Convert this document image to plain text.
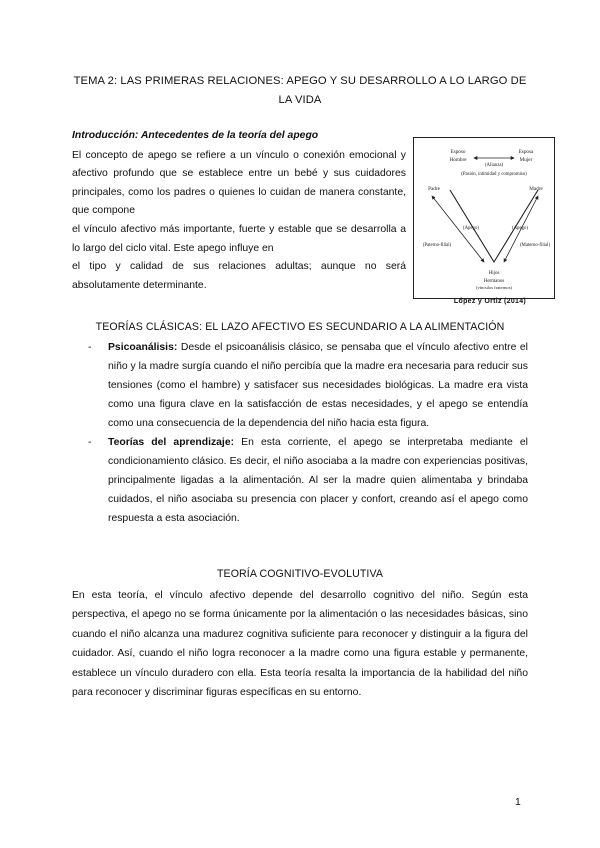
TEMA 2: LAS PRIMERAS RELACIONES: APEGO Y SU DESARROLLO A LO LARGO DE
LA VIDA
Introducción: Antecedentes de la teoría del apego

El concepto de apego se refiere a un vínculo o conexión emocional y afectivo profundo que se establece entre un bebé y sus cuidadores principales, como los padres o quienes lo cuidan de manera constante, que compone

el vínculo afectivo más importante, fuerte y estable que se desarrolla a lo largo del ciclo vital. Este apego influye en

el tipo y calidad de sus relaciones adultas; aunque no será absolutamente determinante.

Esposo	Esposa
Hombre	Mujer
(Alianza)
(Pasión, intimidad y compromiso)
Padre	Madre
(Apego)	(Apego)
(Paterno-filial)	(Materno-filial)
Hijos
Hermanos
(vínculos fraternos)
López y Ortiz (2014)
TEORÍAS CLÁSICAS: EL LAZO AFECTIVO ES SECUNDARIO A LA ALIMENTACIÓN
- Psicoanálisis: Desde el psicoanálisis clásico, se pensaba que el vínculo afectivo entre el niño y la madre surgía cuando el niño percibía que la madre era necesaria para reducir sus tensiones (como el hambre) y satisfacer sus necesidades biológicas. La madre era vista como una figura clave en la satisfacción de estas necesidades, y el apego se entendía como una consecuencia de la dependencia del niño hacia esta figura.
- Teorías del aprendizaje: En esta corriente, el apego se interpretaba mediante el condicionamiento clásico. Es decir, el niño asociaba a la madre con experiencias positivas, principalmente ligadas a la alimentación. Al ser la madre quien alimentaba y brindaba cuidados, el niño asociaba su presencia con placer y confort, creando así el apego como respuesta a esta asociación.
TEORÍA COGNITIVO-EVOLUTIVA

En esta teoría, el vínculo afectivo depende del desarrollo cognitivo del niño. Según esta perspectiva, el apego no se forma únicamente por la alimentación o las necesidades básicas, sino cuando el niño alcanza una madurez cognitiva suficiente para reconocer y distinguir a la figura del cuidador. Así, cuando el niño logra reconocer a la madre como una figura estable y permanente, establece un vínculo duradero con ella. Esta teoría resalta la importancia de la habilidad del niño para reconocer y discriminar figuras específicas en su entorno.

1
